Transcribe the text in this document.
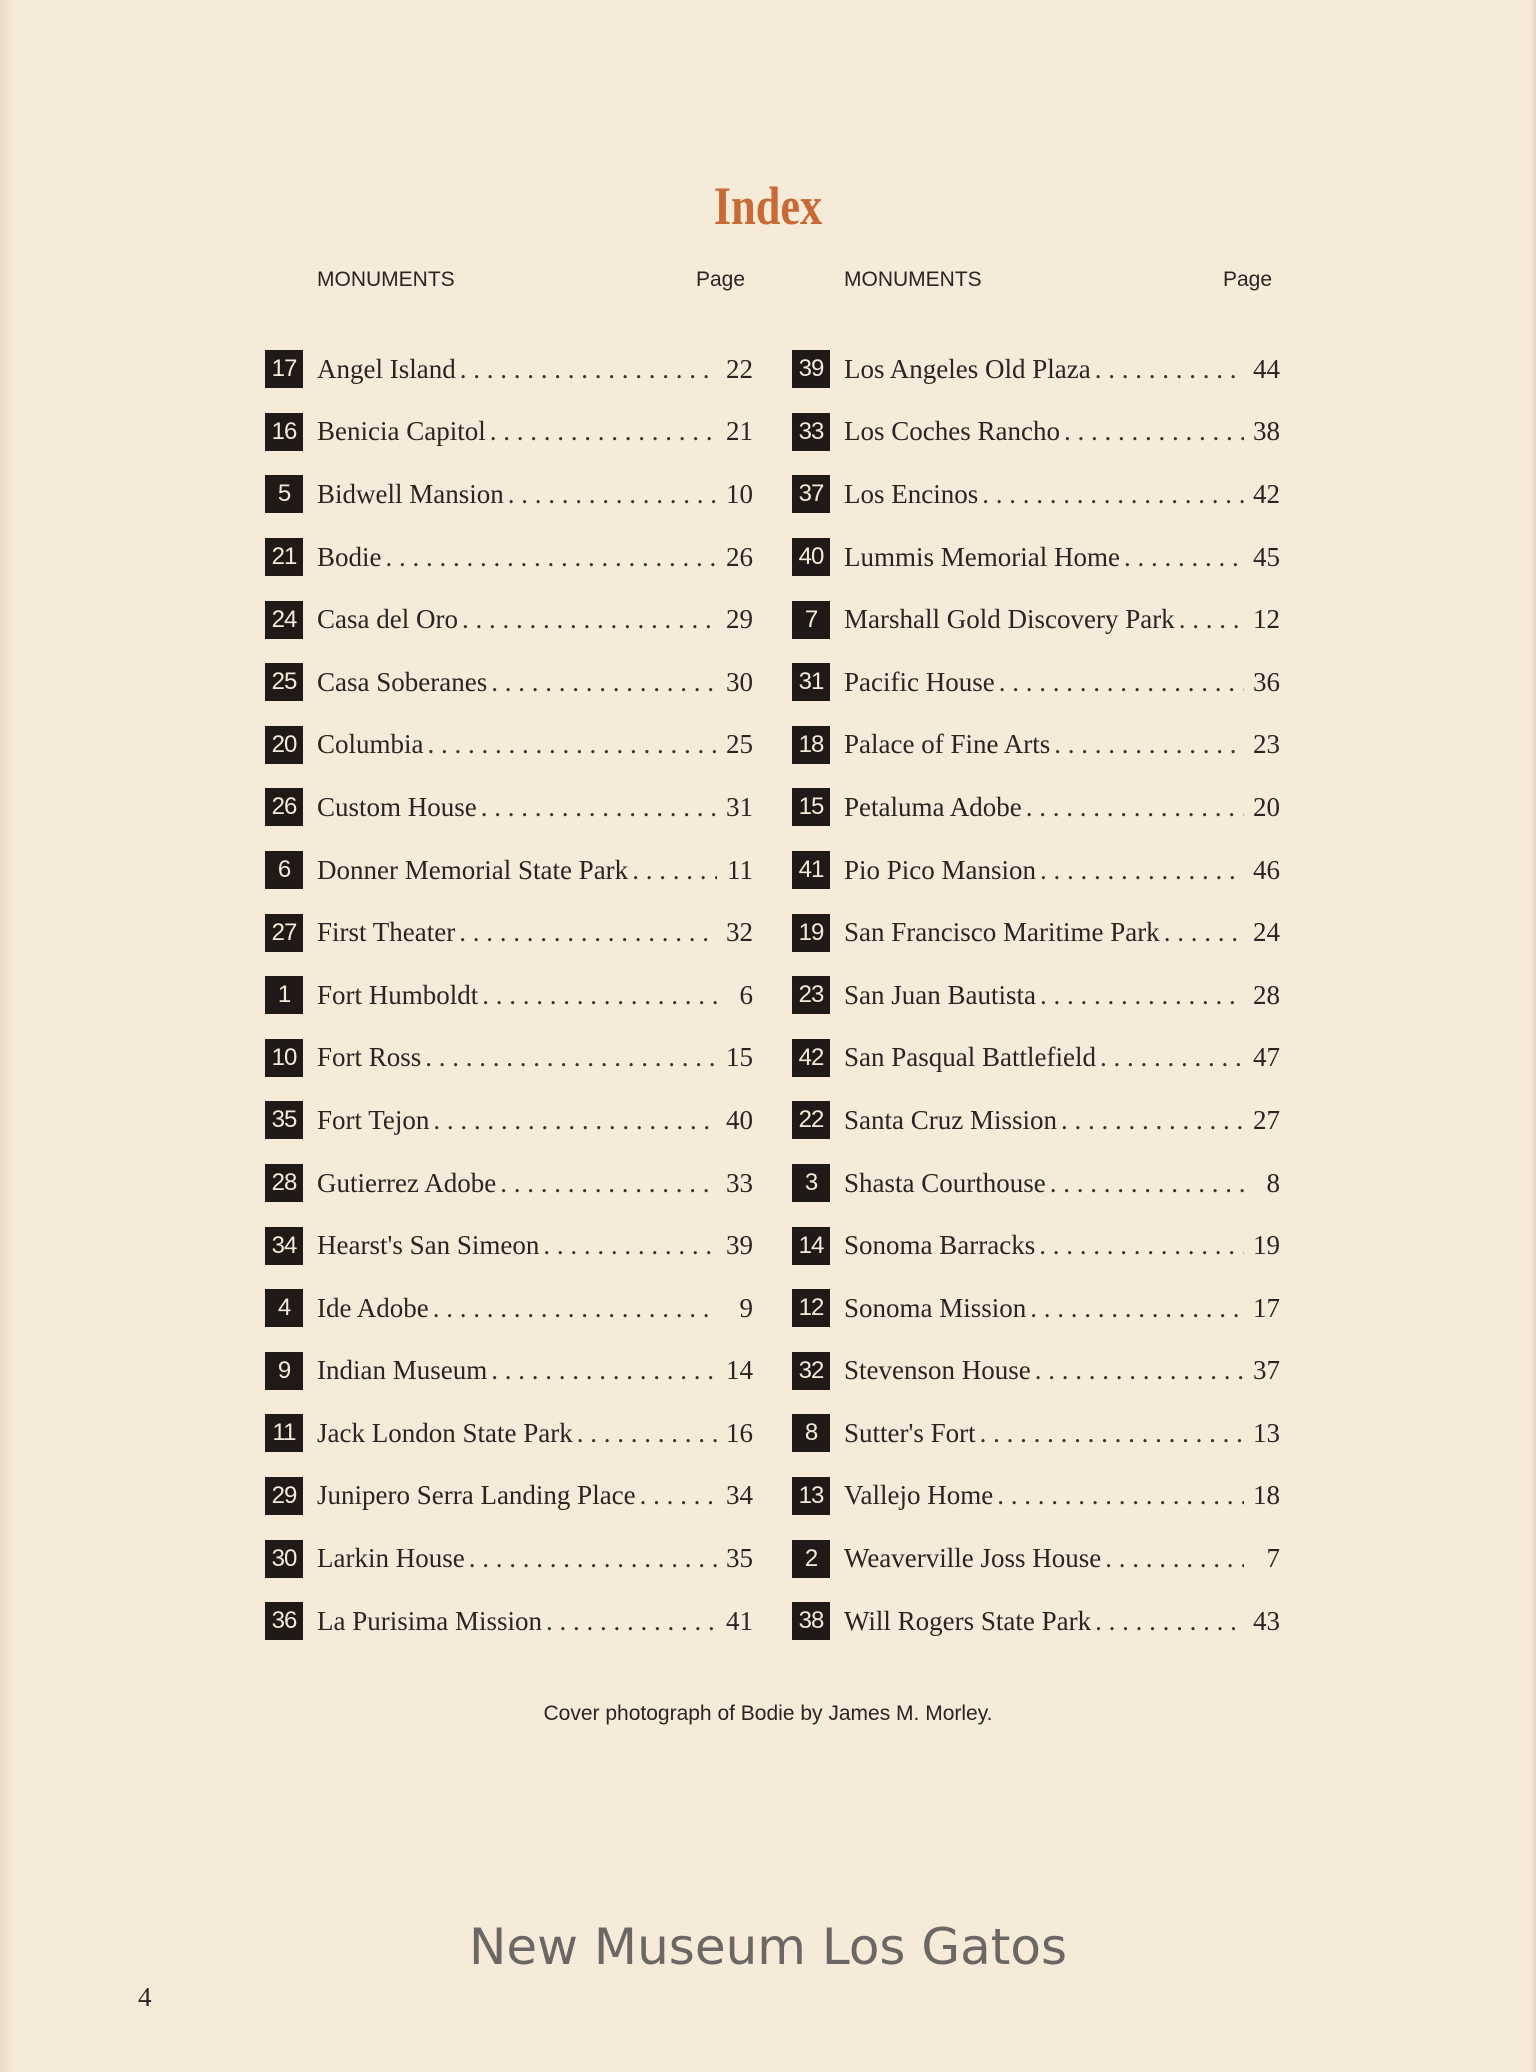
Index
MONUMENTS	Page
17 Angel Island . . .	22
16 Benicia Capitol . . .	21
5 Bidwell Mansion . . .	10
21 Bodie . . .	26
24 Casa del Oro . . .	29
25 Casa Soberanes . . .	30
20 Columbia . . .	25
26 Custom House . . .	31
6 Donner Memorial State Park . . .	11
27 First Theater . . .	32
1 Fort Humboldt . . .	6
10 Fort Ross . . .	15
35 Fort Tejon . . .	40
28 Gutierrez Adobe . . .	33
34 Hearst's San Simeon . . .	39
4 Ide Adobe . . .	9
9 Indian Museum . . .	14
11 Jack London State Park . . .	16
29 Junipero Serra Landing Place . . .	34
30 Larkin House . . .	35
36 La Purisima Mission . . .	41
MONUMENTS	Page
39 Los Angeles Old Plaza . . .	44
33 Los Coches Rancho . . .	38
37 Los Encinos . . .	42
40 Lummis Memorial Home . . .	45
7 Marshall Gold Discovery Park . . .	12
31 Pacific House . . .	36
18 Palace of Fine Arts . . .	23
15 Petaluma Adobe . . .	20
41 Pio Pico Mansion . . .	46
19 San Francisco Maritime Park . . .	24
23 San Juan Bautista . . .	28
42 San Pasqual Battlefield . . .	47
22 Santa Cruz Mission . . .	27
3 Shasta Courthouse . . .	8
14 Sonoma Barracks . . .	19
12 Sonoma Mission . . .	17
32 Stevenson House . . .	37
8 Sutter's Fort . . .	13
13 Vallejo Home . . .	18
2 Weaverville Joss House . . .	7
38 Will Rogers State Park . . .	43
Cover photograph of Bodie by James M. Morley.
New Museum Los Gatos
4
